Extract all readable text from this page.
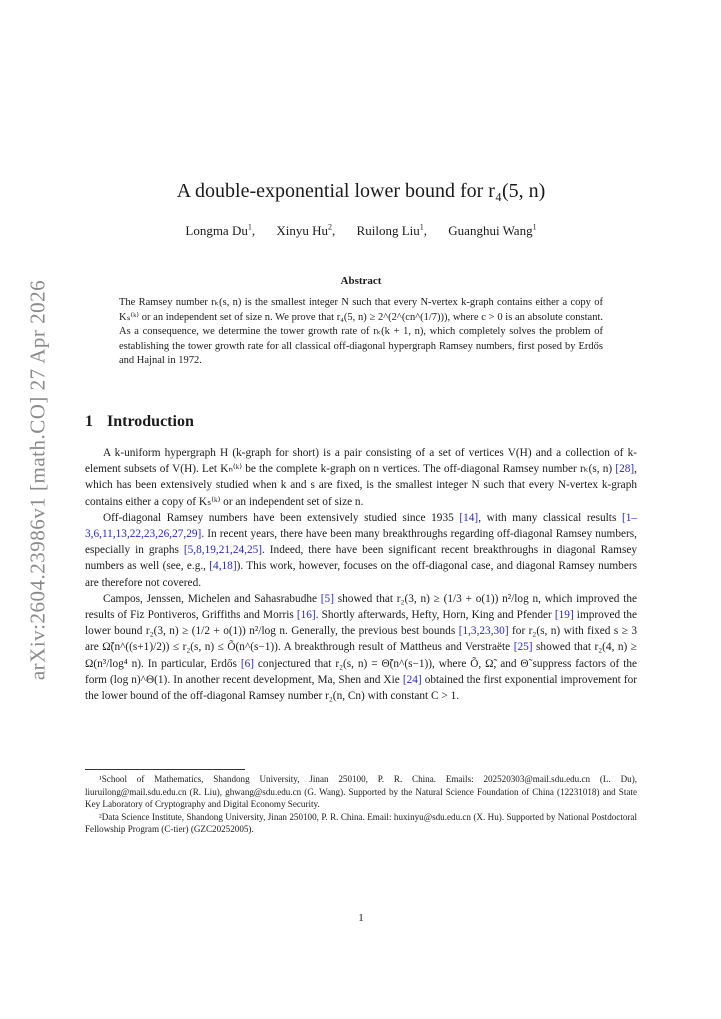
arXiv:2604.23986v1 [math.CO] 27 Apr 2026
A double-exponential lower bound for r₄(5, n)
Longma Du$^1$, Xinyu Hu$^2$, Ruilong Liu$^1$, Guanghui Wang$^1$
Abstract
The Ramsey number rₖ(s, n) is the smallest integer N such that every N-vertex k-graph contains either a copy of Kₛ⁽ᵏ⁾ or an independent set of size n. We prove that r₄(5, n) ≥ 2^(2^(cn^(1/7))), where c > 0 is an absolute constant. As a consequence, we determine the tower growth rate of rₖ(k + 1, n), which completely solves the problem of establishing the tower growth rate for all classical off-diagonal hypergraph Ramsey numbers, first posed by Erdős and Hajnal in 1972.
1 Introduction

A k-uniform hypergraph H (k-graph for short) is a pair consisting of a set of vertices V(H) and a collection of k-element subsets of V(H). Let Kₙ⁽ᵏ⁾ be the complete k-graph on n vertices. The off-diagonal Ramsey number rₖ(s, n) [28], which has been extensively studied when k and s are fixed, is the smallest integer N such that every N-vertex k-graph contains either a copy of Kₛ⁽ᵏ⁾ or an independent set of size n.

Off-diagonal Ramsey numbers have been extensively studied since 1935 [14], with many classical results [1–3,6,11,13,22,23,26,27,29]. In recent years, there have been many breakthroughs regarding off-diagonal Ramsey numbers, especially in graphs [5,8,19,21,24,25]. Indeed, there have been significant recent breakthroughs in diagonal Ramsey numbers as well (see, e.g., [4,18]). This work, however, focuses on the off-diagonal case, and diagonal Ramsey numbers are therefore not covered.

Campos, Jenssen, Michelen and Sahasrabudhe [5] showed that r₂(3, n) ≥ (1/3 + o(1)) n²/log n, which improved the results of Fiz Pontiveros, Griffiths and Morris [16]. Shortly afterwards, Hefty, Horn, King and Pfender [19] improved the lower bound r₂(3, n) ≥ (1/2 + o(1)) n²/log n. Generally, the previous best bounds [1,3,23,30] for r₂(s, n) with fixed s ≥ 3 are Ω̃(n^((s+1)/2)) ≤ r₂(s, n) ≤ Õ(n^(s−1)). A breakthrough result of Mattheus and Verstraëte [25] showed that r₂(4, n) ≥ Ω(n³/log⁴ n). In particular, Erdős [6] conjectured that r₂(s, n) = Θ̃(n^(s−1)), where Õ, Ω̃, and Θ̃ suppress factors of the form (log n)^Θ(1). In another recent development, Ma, Shen and Xie [24] obtained the first exponential improvement for the lower bound of the off-diagonal Ramsey number r₂(n, Cn) with constant C > 1.

¹School of Mathematics, Shandong University, Jinan 250100, P. R. China. Emails: 202520303@mail.sdu.edu.cn (L. Du), liuruilong@mail.sdu.edu.cn (R. Liu), ghwang@sdu.edu.cn (G. Wang). Supported by the Natural Science Foundation of China (12231018) and State Key Laboratory of Cryptography and Digital Economy Security.

²Data Science Institute, Shandong University, Jinan 250100, P. R. China. Email: huxinyu@sdu.edu.cn (X. Hu). Supported by National Postdoctoral Fellowship Program (C-tier) (GZC20252005).

1
